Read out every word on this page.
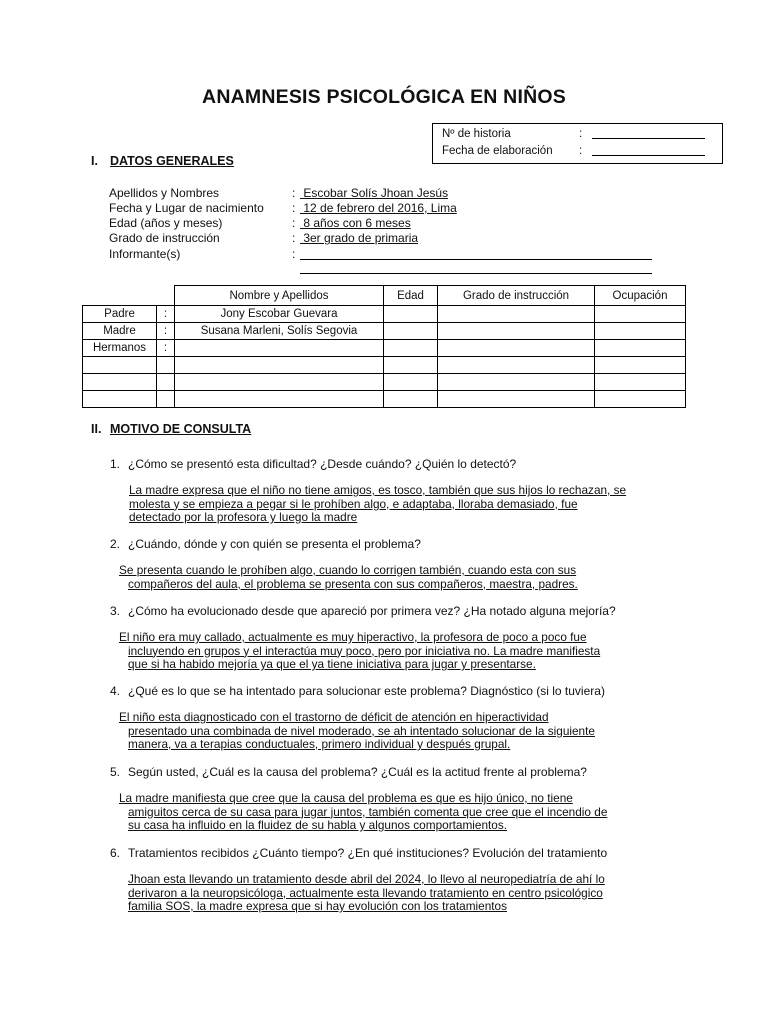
ANAMNESIS PSICOLÓGICA EN NIÑOS
Nº de historia	:
Fecha de elaboración :
I. DATOS GENERALES
Apellidos y Nombres	: Escobar Solís Jhoan Jesús
Fecha y Lugar de nacimiento : 12 de febrero del 2016, Lima
Edad (años y meses)	: 8 años con 6 meses
Grado de instrucción	: 3er grado de primaria
Informante(s)	:
		Nombre y Apellidos	Edad	Grado de instrucción	Ocupación
Padre	:	Jony Escobar Guevara			
Madre	:	Susana Marleni, Solís Segovia			
Hermanos	:				

II. MOTIVO DE CONSULTA
1. ¿Cómo se presentó esta dificultad? ¿Desde cuándo? ¿Quién lo detectó?
La madre expresa que el niño no tiene amigos, es tosco, también que sus hijos lo rechazan, se
molesta y se empieza a pegar si le prohíben algo, e adaptaba, lloraba demasiado, fue
detectado por la profesora y luego la madre
2. ¿Cuándo, dónde y con quién se presenta el problema?
Se presenta cuando le prohíben algo, cuando lo corrigen también, cuando esta con sus
compañeros del aula, el problema se presenta con sus compañeros, maestra, padres.
3. ¿Cómo ha evolucionado desde que apareció por primera vez? ¿Ha notado alguna mejoría?
El niño era muy callado, actualmente es muy hiperactivo, la profesora de poco a poco fue
incluyendo en grupos y el interactúa muy poco, pero por iniciativa no. La madre manifiesta
que si ha habido mejoría ya que el ya tiene iniciativa para jugar y presentarse.
4. ¿Qué es lo que se ha intentado para solucionar este problema? Diagnóstico (si lo tuviera)
El niño esta diagnosticado con el trastorno de déficit de atención en hiperactividad
presentado una combinada de nivel moderado, se ah intentado solucionar de la siguiente
manera, va a terapias conductuales, primero individual y después grupal.
5. Según usted, ¿Cuál es la causa del problema? ¿Cuál es la actitud frente al problema?
La madre manifiesta que cree que la causa del problema es que es hijo único, no tiene
amiguitos cerca de su casa para jugar juntos, también comenta que cree que el incendio de
su casa ha influido en la fluidez de su habla y algunos comportamientos.
6. Tratamientos recibidos ¿Cuánto tiempo? ¿En qué instituciones? Evolución del tratamiento
Jhoan esta llevando un tratamiento desde abril del 2024, lo llevo al neuropediatría de ahí lo
derivaron a la neuropsicóloga, actualmente esta llevando tratamiento en centro psicológico
familia SOS, la madre expresa que si hay evolución con los tratamientos
